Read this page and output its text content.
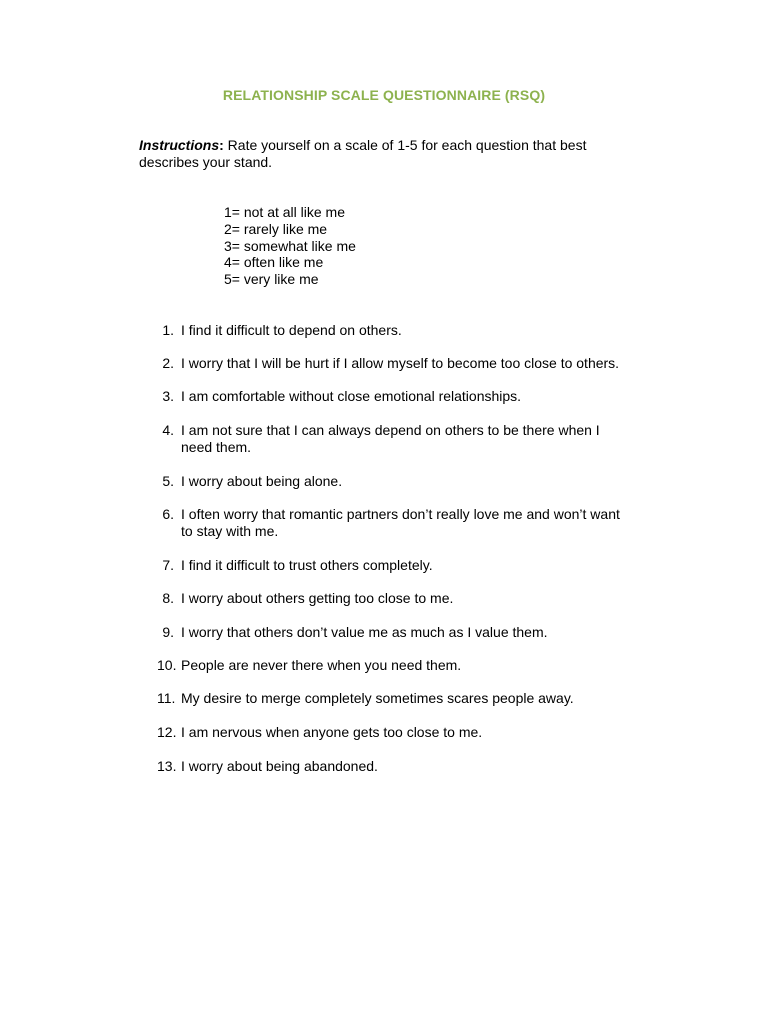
RELATIONSHIP SCALE QUESTIONNAIRE (RSQ)
Instructions: Rate yourself on a scale of 1-5 for each question that best describes your stand.
1= not at all like me
2= rarely like me
3= somewhat like me
4= often like me
5= very like me
1. I find it difficult to depend on others.
2. I worry that I will be hurt if I allow myself to become too close to others.
3. I am comfortable without close emotional relationships.
4. I am not sure that I can always depend on others to be there when I need them.
5. I worry about being alone.
6. I often worry that romantic partners don’t really love me and won’t want to stay with me.
7. I find it difficult to trust others completely.
8. I worry about others getting too close to me.
9. I worry that others don’t value me as much as I value them.
10. People are never there when you need them.
11. My desire to merge completely sometimes scares people away.
12. I am nervous when anyone gets too close to me.
13. I worry about being abandoned.
